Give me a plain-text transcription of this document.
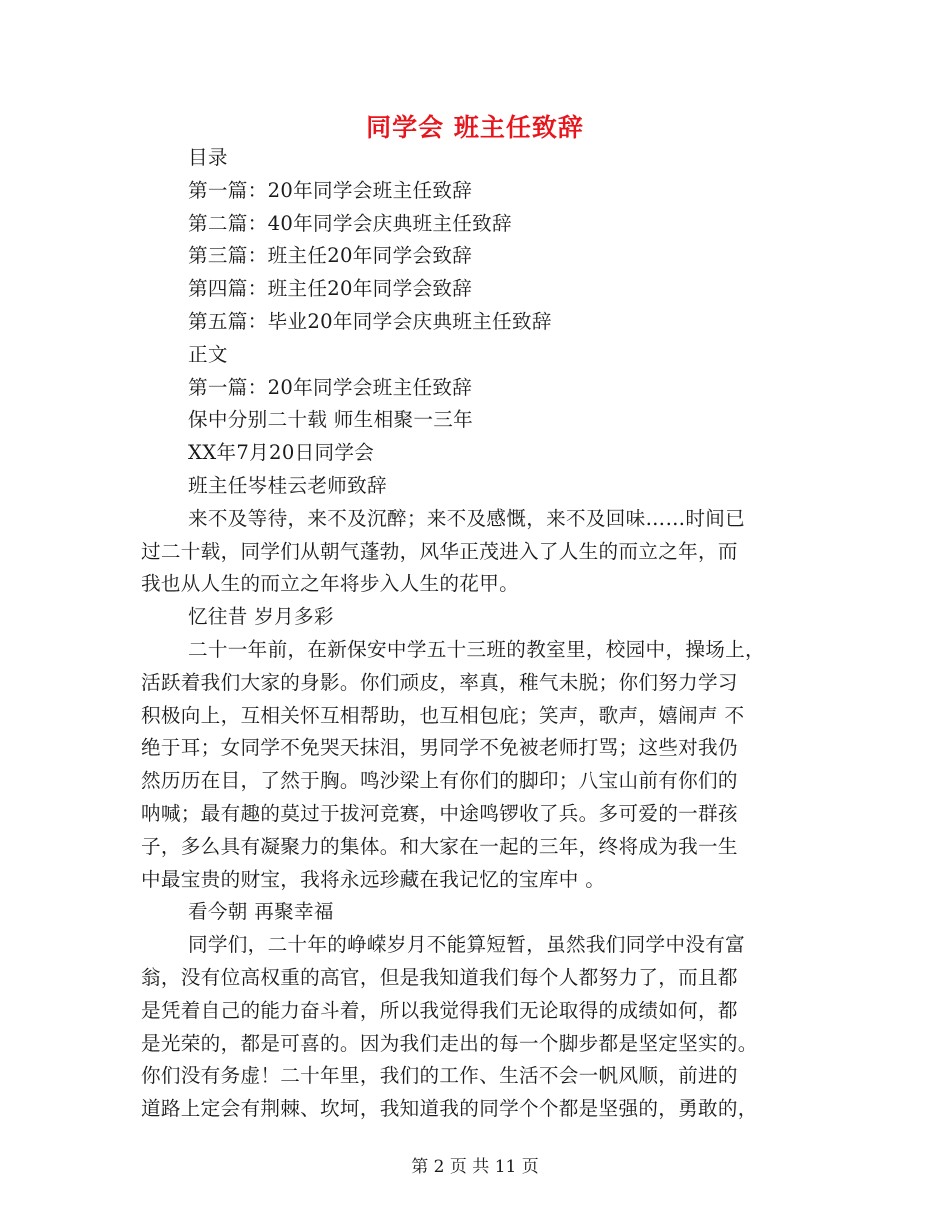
同学会 班主任致辞
目录
第一篇：20年同学会班主任致辞
第二篇：40年同学会庆典班主任致辞
第三篇：班主任20年同学会致辞
第四篇：班主任20年同学会致辞
第五篇：毕业20年同学会庆典班主任致辞
正文
第一篇：20年同学会班主任致辞
保中分别二十载 师生相聚一三年
XX年7月20日同学会
班主任岑桂云老师致辞
来不及等待，来不及沉醉；来不及感慨，来不及回味……时间已
过二十载，同学们从朝气蓬勃，风华正茂进入了人生的而立之年，而
我也从人生的而立之年将步入人生的花甲。
忆往昔 岁月多彩
二十一年前，在新保安中学五十三班的教室里，校园中，操场上，
活跃着我们大家的身影。你们顽皮，率真，稚气未脱；你们努力学习
积极向上，互相关怀互相帮助，也互相包庇；笑声，歌声，嬉闹声 不
绝于耳；女同学不免哭天抹泪，男同学不免被老师打骂；这些对我仍
然历历在目，了然于胸。鸣沙梁上有你们的脚印；八宝山前有你们的
呐喊；最有趣的莫过于拔河竞赛，中途鸣锣收了兵。多可爱的一群孩
子，多么具有凝聚力的集体。和大家在一起的三年，终将成为我一生
中最宝贵的财宝，我将永远珍藏在我记忆的宝库中 。
看今朝 再聚幸福
同学们，二十年的峥嵘岁月不能算短暂，虽然我们同学中没有富
翁，没有位高权重的高官，但是我知道我们每个人都努力了，而且都
是凭着自己的能力奋斗着，所以我觉得我们无论取得的成绩如何，都
是光荣的，都是可喜的。因为我们走出的每一个脚步都是坚定坚实的。
你们没有务虚！二十年里，我们的工作、生活不会一帆风顺，前进的
道路上定会有荆棘、坎坷，我知道我的同学个个都是坚强的，勇敢的，
第 2 页 共 11 页
